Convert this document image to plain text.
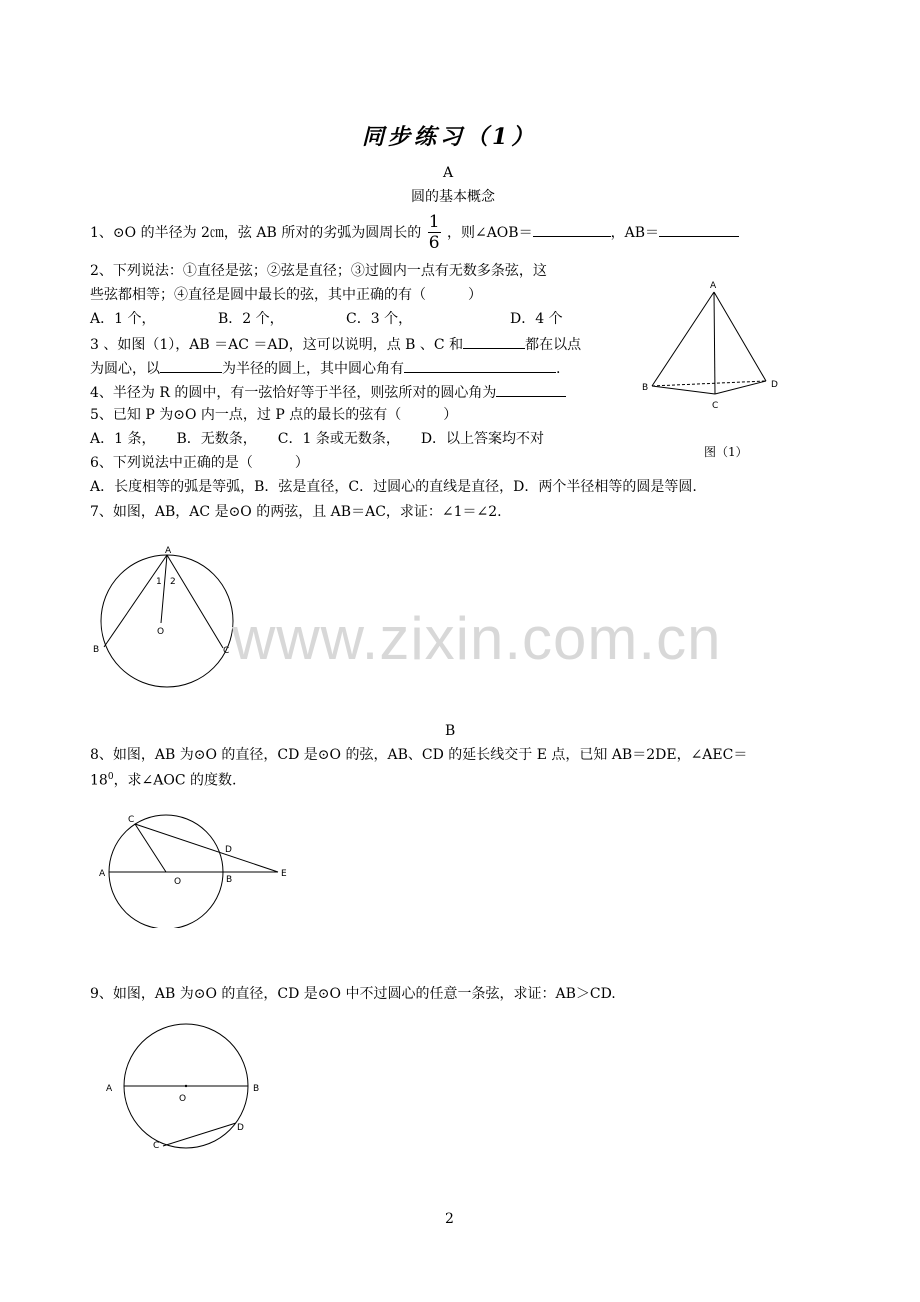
同步练习（1）
A
圆的基本概念
1、⊙O 的半径为 2㎝，弦 AB 所对的劣弧为圆周长的 $\frac{1}{6}$ ，则∠AOB＝	，AB＝
2、下列说法：①直径是弦；②弦是直径；③过圆内一点有无数多条弦，这
些弦都相等；④直径是圆中最长的弦，其中正确的有（　　　）
A．1 个，	B．2 个，	C．3 个，	D．4 个
3 、如图（1），AB ＝AC ＝AD，这可以说明，点 B 、C 和	都在以点
为圆心，以	为半径的圆上，其中圆心角有	.
4、半径为 R 的圆中，有一弦恰好等于半径，则弦所对的圆心角为
5、已知 P 为⊙O 内一点，过 P 点的最长的弦有（　　　）
A．1 条，　　B．无数条，　　C．1 条或无数条，　　D．以上答案均不对
6、下列说法中正确的是（　　　）
A．长度相等的弧是等弧，B．弦是直径，C．过圆心的直线是直径，D．两个半径相等的圆是等圆.
7、如图，AB，AC 是⊙O 的两弦，且 AB＝AC，求证：∠1＝∠2.
A
B
C
D
图（1）
A
B	C
O
1 2
www.zixin.com.cn
B
8、如图，AB 为⊙O 的直径，CD 是⊙O 的弦，AB、CD 的延长线交于 E 点，已知 AB＝2DE，∠AEC＝
$18^0$，求∠AOC 的度数.
A
B
C
D
E
O
9、如图，AB 为⊙O 的直径，CD 是⊙O 中不过圆心的任意一条弦，求证：AB＞CD.
A	B
C
D
O
2
